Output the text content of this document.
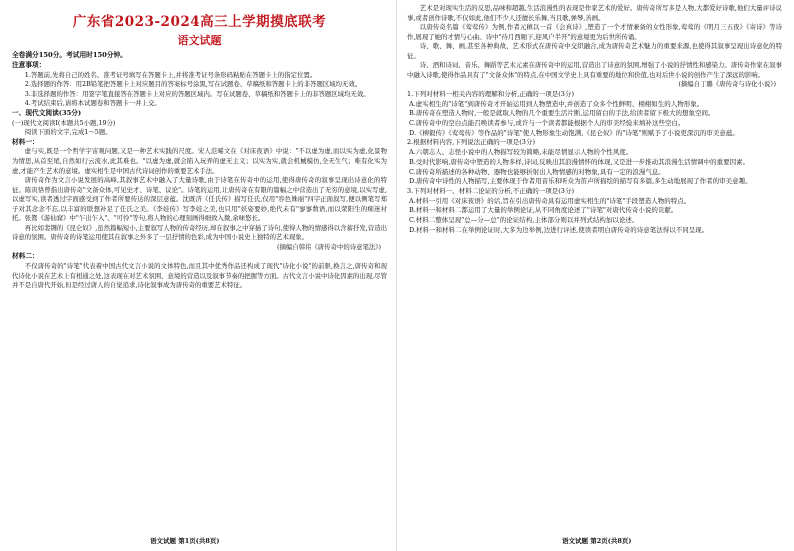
广东省2023-2024高三上学期摸底联考
语文试题

全卷满分150分。考试用时150分钟。

注意事项：

1.答题前,先将自己的姓名、准考证号填写在答题卡上,并将准考证号条形码粘贴在答题卡上的指定位置。

2.选择题的作答：用2B铅笔把答题卡上对应题目的答案标号涂黑,写在试题卷、草稿纸和答题卡上的非答题区域均无效。

3.非选择题的作答：用签字笔直接答在答题卡上对应的答题区域内。写在试题卷、草稿纸和答题卡上的非答题区域均无效。

4.考试结束后,请将本试题卷和答题卡一并上交。

一、现代文阅读(35分)

(一)现代文阅读Ⅰ(本题共5小题,19分)

阅读下面的文字,完成1～5题。

材料一：

虚与实,既是一个哲学宇宙观问题,又是一种艺术实践的尺度。宋人范晞文在《对床夜语》中说："不以虚为虚,而以实为虚,化景物为情思,从首至尾,自然如行云流水,此其难也。"以虚为虚,就会陷入玩弄的虚无主义；以实为实,就会机械模仿,全无生气；唯有化实为虚,才能产生艺术的意境。虚实相生是中国古代诗词创作的重要艺术手法。

唐传奇作为文言小说发展的高峰,其叙事艺术中融入了大量诗歌,由于诗笔在传奇中的运用,使得唐传奇的叙事呈现出诗意化的特征。陈寅恪曾指出唐传奇"文备众体,可见史才、诗笔、议论"。诗笔的运用,让唐传奇在有限的篇幅之中营造出了无穷的意境,以实写虚,以虚写实,读者透过字面感受到了作者所要传达的深层意蕴。沈既济《任氏传》描写任氏,仅用"容色姝丽"四字正面叙写,便以侧笔写郑子对其念念不忘,以丰富的联想补足了任氏之美。《李娃传》写李娃之美,也只用"妖姿要妙,绝代未有"寥寥数语,而以荥阳生的痴迷衬托。张鷟《游仙窟》中"乍出乍入"、"可怜"等句,将人物的心理刻画得细致入微,余味悠长。

再比如裴铏的《昆仑奴》,虽然篇幅短小,主要叙写人物的传奇经历,却在叙事之中穿插了诗句,使得人物的情感得以含蓄抒发,营造出诗意的氛围。唐传奇的诗笔运用使其在叙事之外多了一层抒情的色彩,成为中国小说史上独特的艺术现象。

(摘编自韩伟《唐传奇中的诗意笔法》)

材料二：

不仅唐传奇的"诗笔"代表着中国古代文言小说的文体特色,而且其中优秀作品还构成了现代"诗化小说"的前驱,换言之,唐传奇和现代诗化小说在艺术上有相通之处,这表现在对艺术氛围、意境的营造以及叙事节奏的把握等方面。古代文言小说中诗化因素的出现,尽管并不是自唐代开始,但是经过唐人的自觉追求,诗化叙事成为唐传奇的重要艺术特征。

语文试题 第1页(共8页)

艺术是对现实生活的反思,品味和超越,生活浪漫性的表现是作家艺术的爱好。唐传奇所写多是人物,大都爱好诗歌,他们大量评诗议事,或者创作诗歌,不仅如此,他们不少人还擅长乐舞,当且歌,弹琴,善画。

以唐传奇名篇《莺莺传》为例,作者元稹以一首《会真诗》,塑造了一个才情兼备的女性形象,莺莺的《明月三五夜》《寄诗》等诗作,展现了她的才情与心曲。诗中"待月西厢下,迎风户半开"的意境更为后世所传诵。

诗、歌、舞、画,甚至各种典故、艺术形式在唐传奇中交织融合,成为唐传奇艺术魅力的重要来源,也使得其叙事呈现出诗意化的特征。

诗、酒和诗词、音乐、舞蹈等艺术元素在唐传奇中的运用,营造出了诗意的氛围,增强了小说的抒情性和感染力。唐传奇作家在叙事中融入诗歌,使得作品具有了"文备众体"的特点,在中国文学史上具有重要的地位和价值,也对后世小说的创作产生了深远的影响。

(摘编自丁璐《唐传奇与诗化小说》)

1.下列对材料一相关内容的理解和分析,正确的一项是(3分)

A.虚实相生的"诗笔"到唐传奇才开始运用到人物塑造中,并创造了众多个性鲜明、栩栩如生的人物形象。

B.唐传奇在塑造人物时,一般是就取人物的几个重要生活片断,运用留白的手法,给读者留下极大的想象空间。

C.唐传奇中的空白点能召唤读者参与,或许与一个读者都能根据个人的审美经验来填补这些空白。

D.《柳毅传》《莺莺传》等作品的"诗笔"使人物形象生动饱满,《昆仑奴》的"诗笔"则赋予了小说更深沉的审美意蕴。

2.根据材料内容,下列说法正确的一项是(3分)

A.六朝志人、志怪小说中的人物描写较为简略,未能尽情显示人物的个性风度。

B.受时代影响,唐传奇中塑造的人物多样,诗词,反映出其浪漫情怀的体现,又是进一步推动其浪漫生活情调中的重要因素。

C.唐传奇所描述的各种动物、器物也能够折射出人物情感的对物象,具有一定的浪漫气息。

D.唐传奇中诗性的人物描写,主要体现于作者用音乐和听众为笛声所描绘的描写有多篇,多生动地展现了作者的审美意趣。

3.下列对材料一、材料二论证的分析,不正确的一项是(3分)

A.材料一引用《对床夜语》的话,旨在引出唐传奇具有运用虚实相生的"诗笔"手段塑造人物的特点。

B.材料一和材料二都运用了大量的举例论证,从不同角度论述了"诗笔"对唐代传奇小说的贡献。

C.材料二整体呈现"总—分—总"的论证结构,主体部分则以并列式结构加以论述。

D.材料一和材料二在举例论证时,大多为边举例,边进行评述,使读者明白唐传奇的诗意笔法得以不同呈现。

语文试题 第2页(共8页)
